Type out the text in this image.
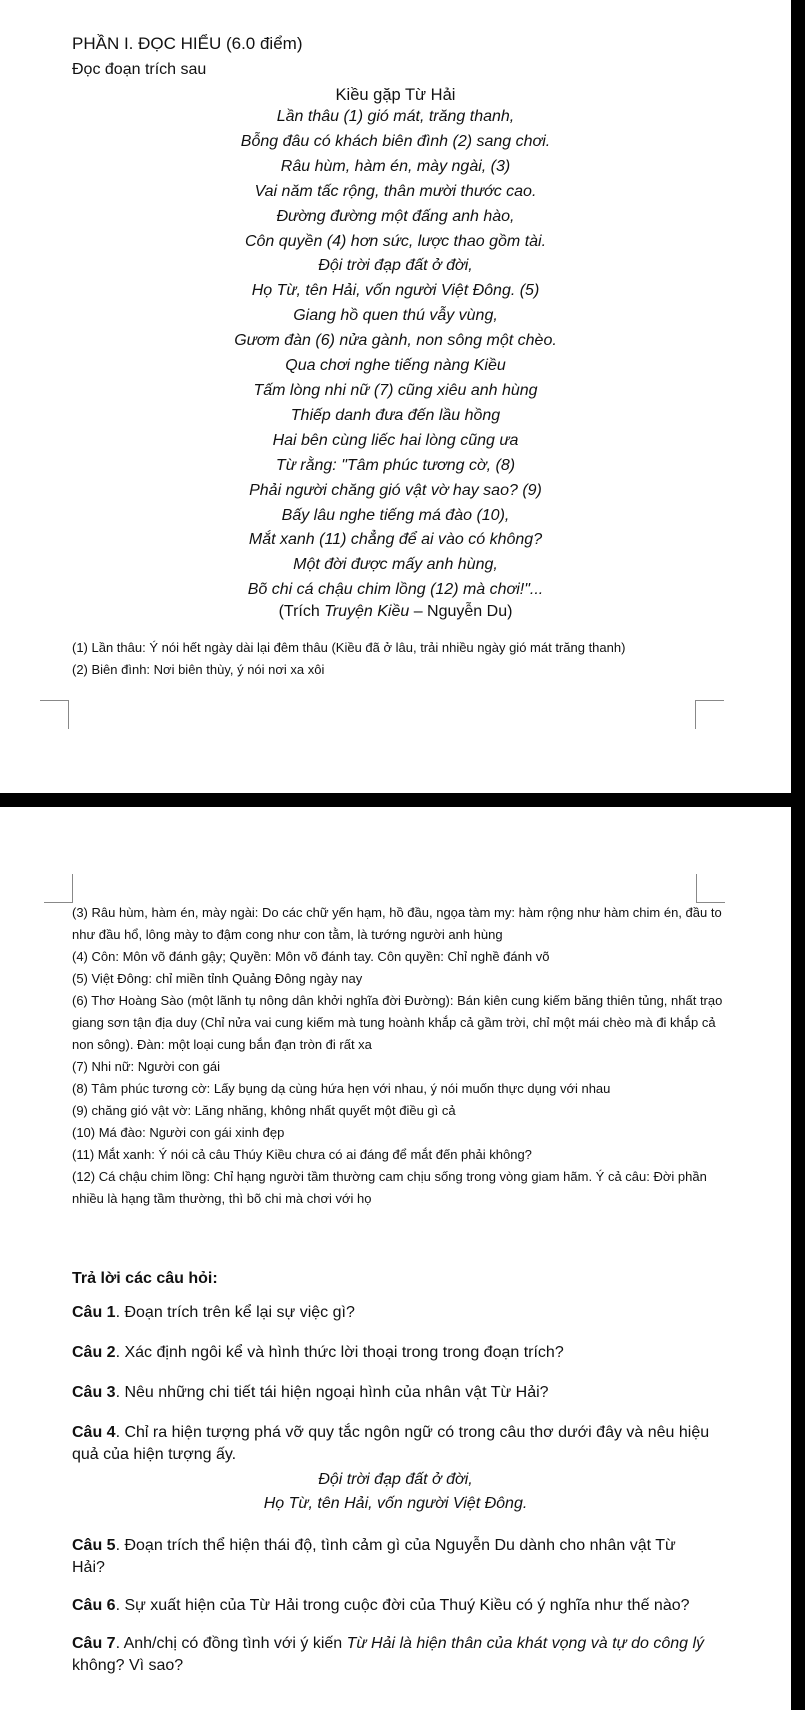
PHẦN I. ĐỌC HIỂU (6.0 điểm)
Đọc đoạn trích sau

Kiều gặp Từ Hải

Lần thâu (1) gió mát, trăng thanh,

Bỗng đâu có khách biên đình (2) sang chơi.

Râu hùm, hàm én, mày ngài, (3)

Vai năm tấc rộng, thân mười thước cao.

Đường đường một đấng anh hào,

Côn quyền (4) hơn sức, lược thao gồm tài.

Đội trời đạp đất ở đời,

Họ Từ, tên Hải, vốn người Việt Đông. (5)

Giang hồ quen thú vẫy vùng,

Gươm đàn (6) nửa gành, non sông một chèo.

Qua chơi nghe tiếng nàng Kiều

Tấm lòng nhi nữ (7) cũng xiêu anh hùng

Thiếp danh đưa đến lầu hồng

Hai bên cùng liếc hai lòng cũng ưa

Từ rằng: "Tâm phúc tương cờ, (8)

Phải người chăng gió vật vờ hay sao? (9)

Bấy lâu nghe tiếng má đào (10),

Mắt xanh (11) chẳng để ai vào có không?

Một đời được mấy anh hùng,

Bõ chi cá chậu chim lồng (12) mà chơi!"...

(Trích Truyện Kiều – Nguyễn Du)

(1) Lần thâu: Ý nói hết ngày dài lại đêm thâu (Kiều đã ở lâu, trải nhiều ngày gió mát trăng thanh)
(2) Biên đình: Nơi biên thùy, ý nói nơi xa xôi
(3) Râu hùm, hàm én, mày ngài: Do các chữ yến hạm, hồ đầu, ngọa tàm my: hàm rộng như hàm chim én, đầu to như đầu hổ, lông mày to đậm cong như con tằm, là tướng người anh hùng
(4) Côn: Môn võ đánh gậy; Quyền: Môn võ đánh tay. Côn quyền: Chỉ nghề đánh võ
(5) Việt Đông: chỉ miền tỉnh Quảng Đông ngày nay
(6) Thơ Hoàng Sào (một lãnh tụ nông dân khởi nghĩa đời Đường): Bán kiên cung kiếm băng thiên tủng, nhất trạo giang sơn tận địa duy (Chỉ nửa vai cung kiếm mà tung hoành khắp cả gầm trời, chỉ một mái chèo mà đi khắp cả non sông). Đàn: một loại cung bắn đạn tròn đi rất xa
(7) Nhi nữ: Người con gái
(8) Tâm phúc tương cờ: Lấy bụng dạ cùng hứa hẹn với nhau, ý nói muốn thực dụng với nhau
(9) chăng gió vật vờ: Lăng nhăng, không nhất quyết một điều gì cả
(10) Má đào: Người con gái xinh đẹp
(11) Mắt xanh: Ý nói cả câu Thúy Kiều chưa có ai đáng để mắt đến phải không?
(12) Cá chậu chim lồng: Chỉ hạng người tầm thường cam chịu sống trong vòng giam hãm. Ý cả câu: Đời phần nhiều là hạng tầm thường, thì bõ chi mà chơi với họ

Trả lời các câu hỏi:

Câu 1. Đoạn trích trên kể lại sự việc gì?

Câu 2. Xác định ngôi kể và hình thức lời thoại trong trong đoạn trích?

Câu 3. Nêu những chi tiết tái hiện ngoại hình của nhân vật Từ Hải?

Câu 4. Chỉ ra hiện tượng phá vỡ quy tắc ngôn ngữ có trong câu thơ dưới đây và nêu hiệu quả của hiện tượng ấy.

Đội trời đạp đất ở đời,
Họ Từ, tên Hải, vốn người Việt Đông.

Câu 5. Đoạn trích thể hiện thái độ, tình cảm gì của Nguyễn Du dành cho nhân vật Từ Hải?

Câu 6. Sự xuất hiện của Từ Hải trong cuộc đời của Thuý Kiều có ý nghĩa như thế nào?

Câu 7. Anh/chị có đồng tình với ý kiến Từ Hải là hiện thân của khát vọng và tự do công lý không? Vì sao?
